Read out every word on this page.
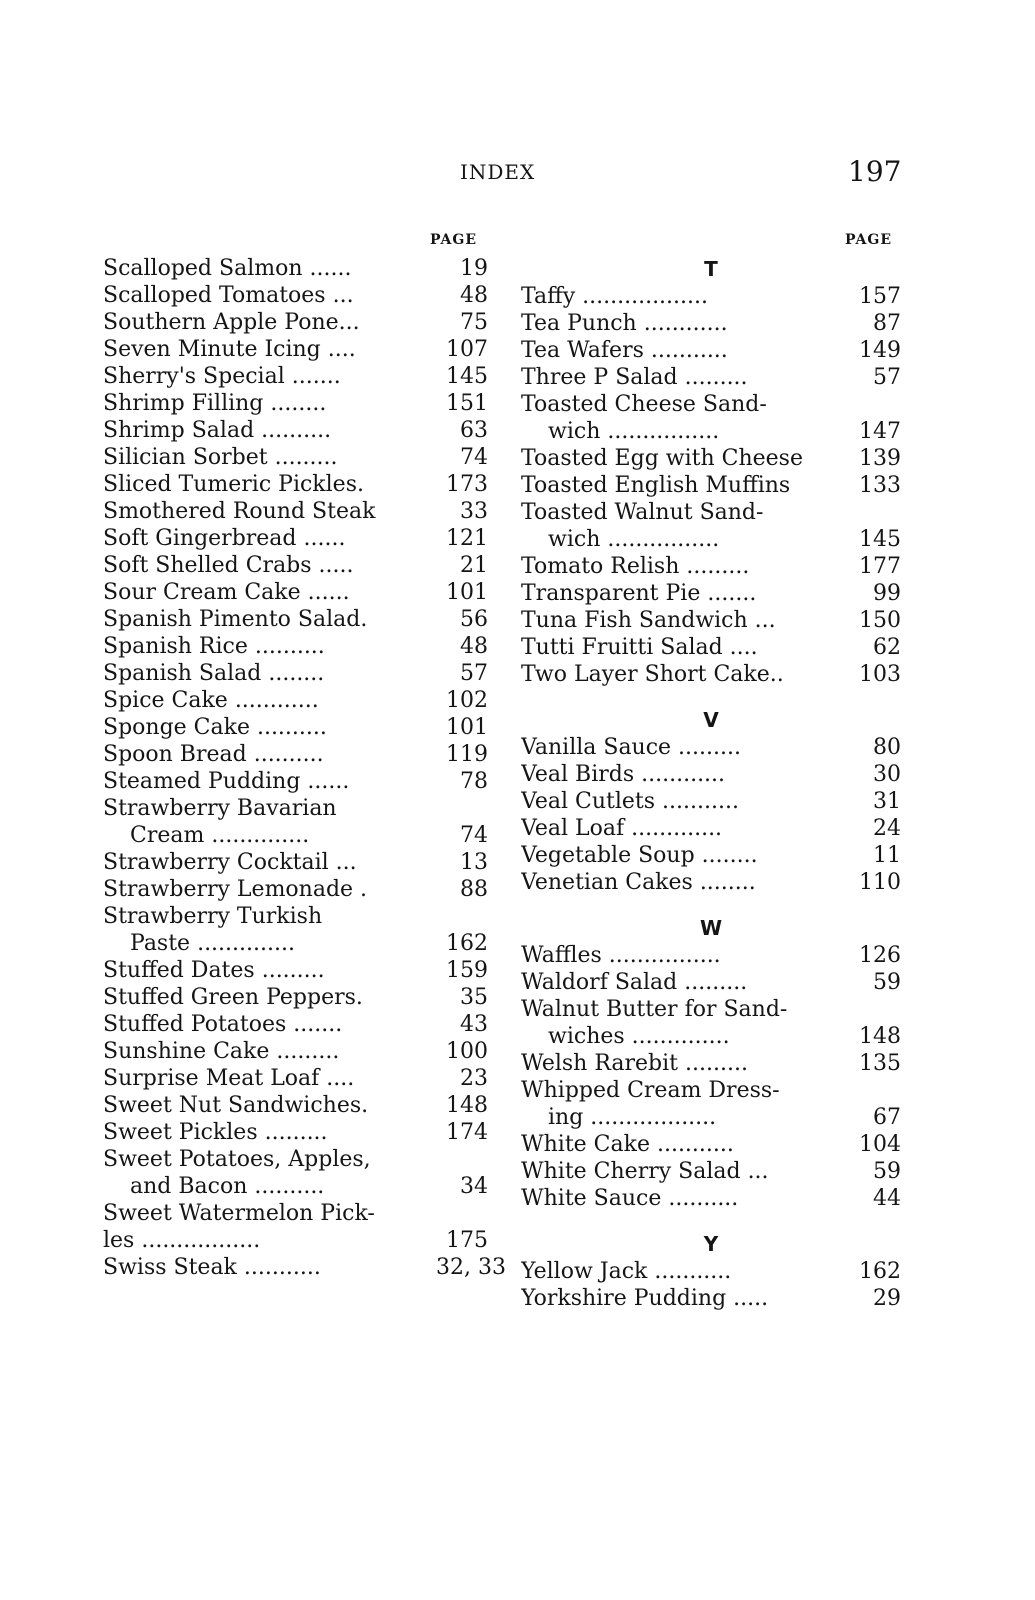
INDEX	197
PAGE	PAGE
Scalloped Salmon ......	19
Scalloped Tomatoes ...	48
Southern Apple Pone...	75
Seven Minute Icing ....	107
Sherry's Special .......	145
Shrimp Filling ........	151
Shrimp Salad ..........	63
Silician Sorbet .........	74
Sliced Tumeric Pickles.	173
Smothered Round Steak	33
Soft Gingerbread ......	121
Soft Shelled Crabs .....	21
Sour Cream Cake ......	101
Spanish Pimento Salad.	56
Spanish Rice ..........	48
Spanish Salad ........	57
Spice Cake ............	102
Sponge Cake ..........	101
Spoon Bread ..........	119
Steamed Pudding ......	78
Strawberry Bavarian
Cream ..............	74
Strawberry Cocktail ...	13
Strawberry Lemonade .	88
Strawberry Turkish
Paste ..............	162
Stuffed Dates .........	159
Stuffed Green Peppers.	35
Stuffed Potatoes .......	43
Sunshine Cake .........	100
Surprise Meat Loaf ....	23
Sweet Nut Sandwiches.	148
Sweet Pickles .........	174
Sweet Potatoes, Apples,
and Bacon ..........	34
Sweet Watermelon Pick-
les .................	175
Swiss Steak ...........	32, 33
T
Taffy ..................	157
Tea Punch ............	87
Tea Wafers ...........	149
Three P Salad .........	57
Toasted Cheese Sand-
wich ................	147
Toasted Egg with Cheese	139
Toasted English Muffins	133
Toasted Walnut Sand-
wich ................	145
Tomato Relish .........	177
Transparent Pie .......	99
Tuna Fish Sandwich ...	150
Tutti Fruitti Salad ....	62
Two Layer Short Cake..	103
V
Vanilla Sauce .........	80
Veal Birds ............	30
Veal Cutlets ...........	31
Veal Loaf .............	24
Vegetable Soup ........	11
Venetian Cakes ........	110
W
Waffles ................	126
Waldorf Salad .........	59
Walnut Butter for Sand-
wiches ..............	148
Welsh Rarebit .........	135
Whipped Cream Dress-
ing ..................	67
White Cake ...........	104
White Cherry Salad ...	59
White Sauce ..........	44
Y
Yellow Jack ...........	162
Yorkshire Pudding .....	29
